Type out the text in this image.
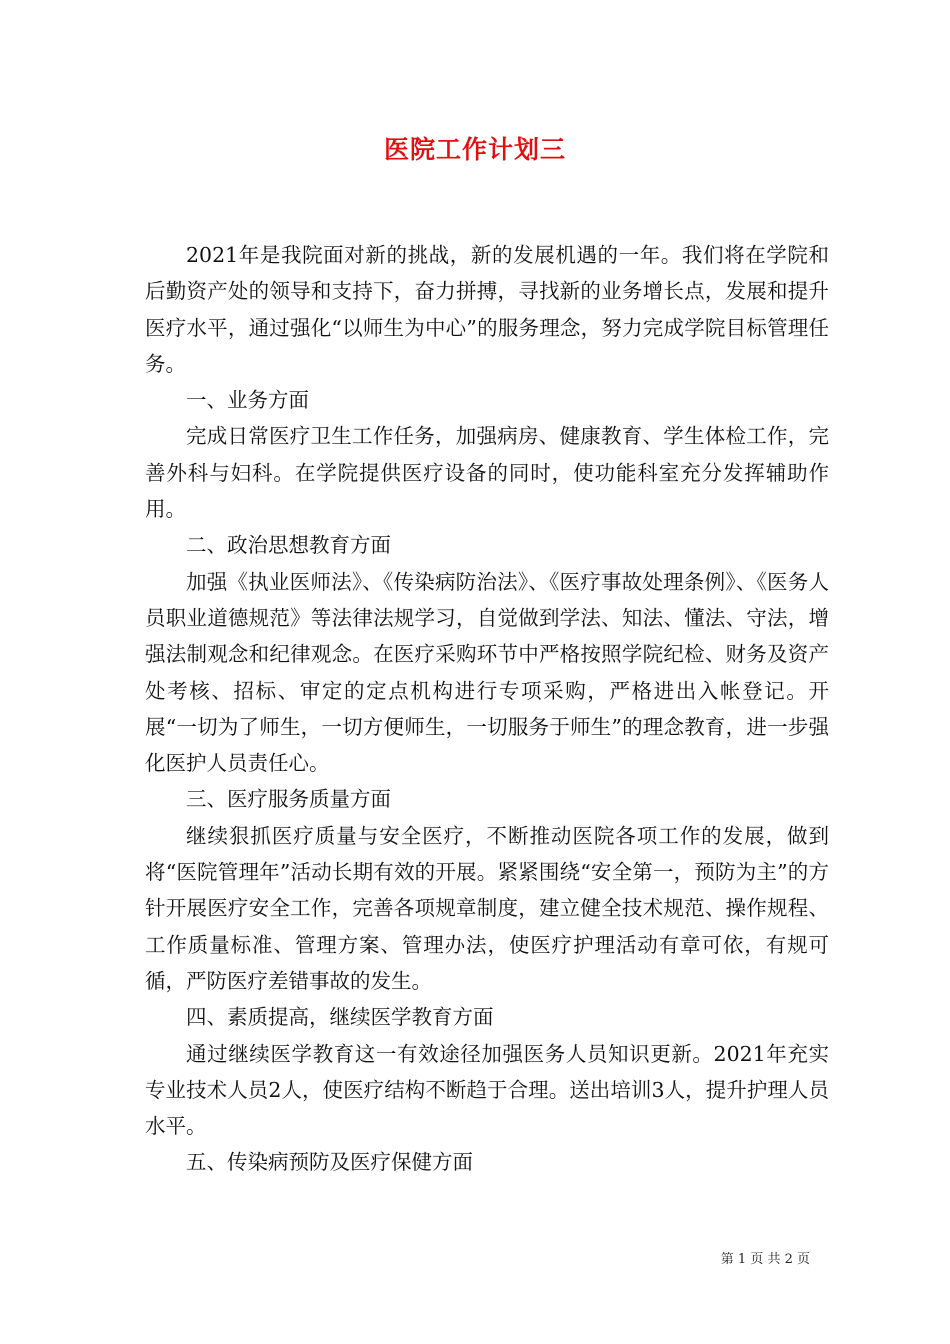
医院工作计划三

2021年是我院面对新的挑战，新的发展机遇的一年。我们将在学院和后勤资产处的领导和支持下，奋力拼搏，寻找新的业务增长点，发展和提升医疗水平，通过强化“以师生为中心”的服务理念，努力完成学院目标管理任务。

一、业务方面

完成日常医疗卫生工作任务，加强病房、健康教育、学生体检工作，完善外科与妇科。在学院提供医疗设备的同时，使功能科室充分发挥辅助作用。

二、政治思想教育方面

加强《执业医师法》、《传染病防治法》、《医疗事故处理条例》、《医务人员职业道德规范》等法律法规学习，自觉做到学法、知法、懂法、守法，增强法制观念和纪律观念。在医疗采购环节中严格按照学院纪检、财务及资产处考核、招标、审定的定点机构进行专项采购，严格进出入帐登记。开展“一切为了师生，一切方便师生，一切服务于师生”的理念教育，进一步强化医护人员责任心。

三、医疗服务质量方面

继续狠抓医疗质量与安全医疗，不断推动医院各项工作的发展，做到将“医院管理年”活动长期有效的开展。紧紧围绕“安全第一，预防为主”的方针开展医疗安全工作，完善各项规章制度，建立健全技术规范、操作规程、工作质量标准、管理方案、管理办法，使医疗护理活动有章可依，有规可循，严防医疗差错事故的发生。

四、素质提高，继续医学教育方面

通过继续医学教育这一有效途径加强医务人员知识更新。2021年充实专业技术人员2人，使医疗结构不断趋于合理。送出培训3人，提升护理人员水平。

五、传染病预防及医疗保健方面

第 1 页 共 2 页
